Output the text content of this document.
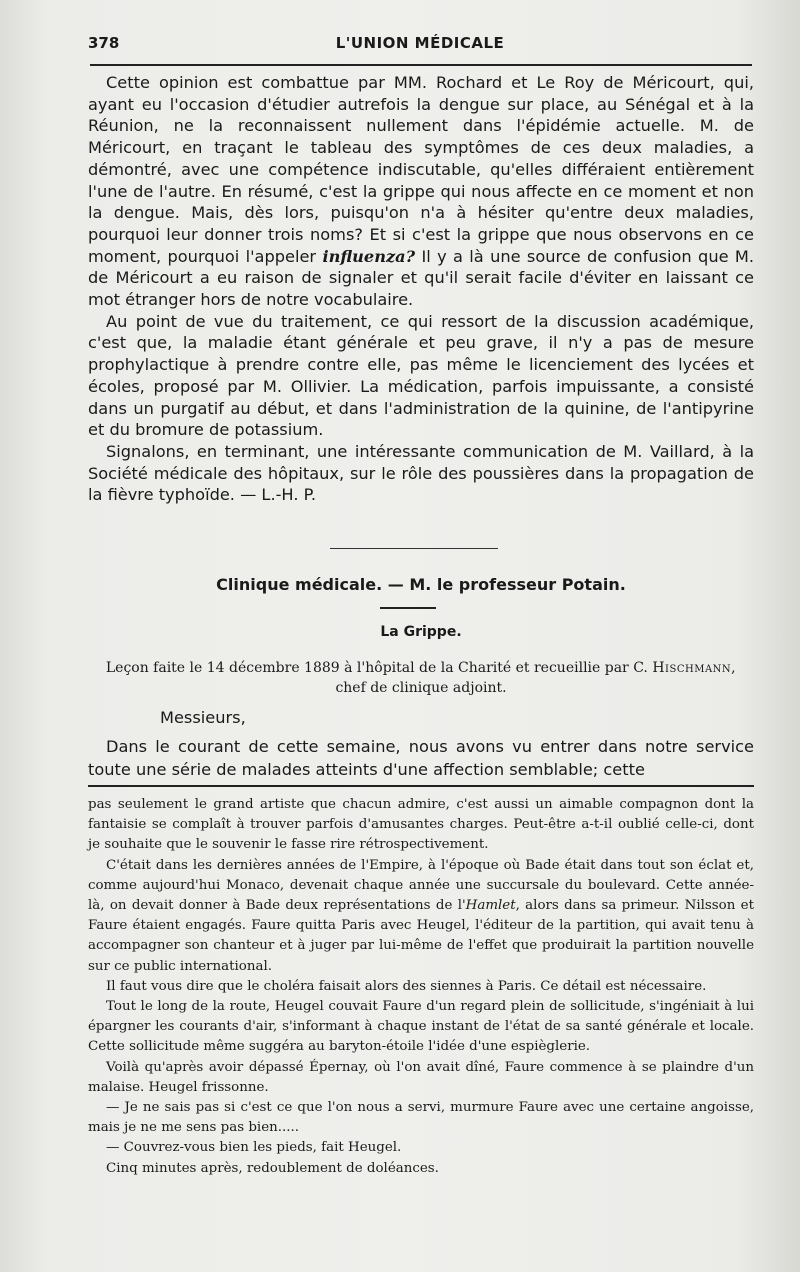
378	L'UNION MÉDICALE

Cette opinion est combattue par MM. Rochard et Le Roy de Méricourt, qui, ayant eu l'occasion d'étudier autrefois la dengue sur place, au Sénégal et à la Réunion, ne la reconnaissent nullement dans l'épidémie actuelle. M. de Méricourt, en traçant le tableau des symptômes de ces deux maladies, a démontré, avec une compétence indiscutable, qu'elles différaient entièrement l'une de l'autre. En résumé, c'est la grippe qui nous affecte en ce moment et non la dengue. Mais, dès lors, puisqu'on n'a à hésiter qu'entre deux maladies, pourquoi leur donner trois noms? Et si c'est la grippe que nous observons en ce moment, pourquoi l'appeler influenza? Il y a là une source de confusion que M. de Méricourt a eu raison de signaler et qu'il serait facile d'éviter en laissant ce mot étranger hors de notre vocabulaire.

Au point de vue du traitement, ce qui ressort de la discussion académique, c'est que, la maladie étant générale et peu grave, il n'y a pas de mesure prophylactique à prendre contre elle, pas même le licenciement des lycées et écoles, proposé par M. Ollivier. La médication, parfois impuissante, a consisté dans un purgatif au début, et dans l'administration de la quinine, de l'antipyrine et du bromure de potassium.

Signalons, en terminant, une intéressante communication de M. Vaillard, à la Société médicale des hôpitaux, sur le rôle des poussières dans la propagation de la fièvre typhoïde. — L.-H. P.

Clinique médicale. — M. le professeur Potain.
La Grippe.
Leçon faite le 14 décembre 1889 à l'hôpital de la Charité et recueillie par C. Hischmann,
chef de clinique adjoint.

Messieurs,

Dans le courant de cette semaine, nous avons vu entrer dans notre service toute une série de malades atteints d'une affection semblable; cette

pas seulement le grand artiste que chacun admire, c'est aussi un aimable compagnon dont la fantaisie se complaît à trouver parfois d'amusantes charges. Peut-être a-t-il oublié celle-ci, dont je souhaite que le souvenir le fasse rire rétrospectivement.

C'était dans les dernières années de l'Empire, à l'époque où Bade était dans tout son éclat et, comme aujourd'hui Monaco, devenait chaque année une succursale du boulevard. Cette année-là, on devait donner à Bade deux représentations de l'Hamlet, alors dans sa primeur. Nilsson et Faure étaient engagés. Faure quitta Paris avec Heugel, l'éditeur de la partition, qui avait tenu à accompagner son chanteur et à juger par lui-même de l'effet que produirait la partition nouvelle sur ce public international.

Il faut vous dire que le choléra faisait alors des siennes à Paris. Ce détail est nécessaire.

Tout le long de la route, Heugel couvait Faure d'un regard plein de sollicitude, s'ingéniait à lui épargner les courants d'air, s'informant à chaque instant de l'état de sa santé générale et locale. Cette sollicitude même suggéra au baryton-étoile l'idée d'une espièglerie.

Voilà qu'après avoir dépassé Épernay, où l'on avait dîné, Faure commence à se plaindre d'un malaise. Heugel frissonne.

— Je ne sais pas si c'est ce que l'on nous a servi, murmure Faure avec une certaine angoisse, mais je ne me sens pas bien.....

— Couvrez-vous bien les pieds, fait Heugel.

Cinq minutes après, redoublement de doléances.
